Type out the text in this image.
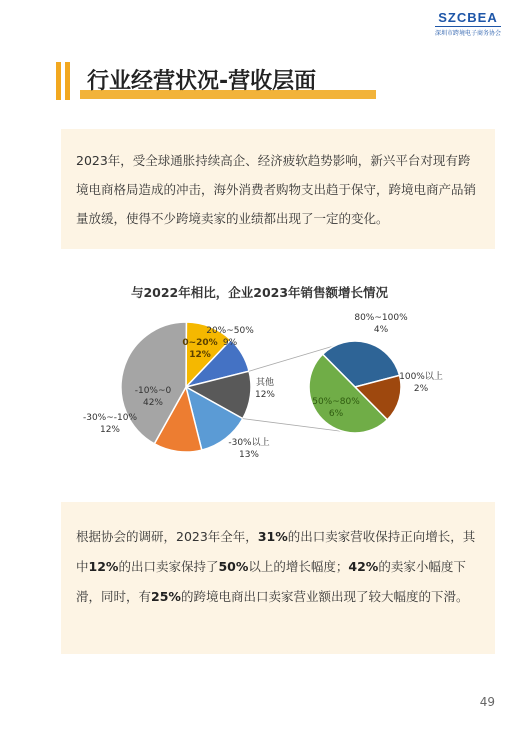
SZCBEA
深圳市跨境电子商务协会
行业经营状况-营收层面

2023年，受全球通胀持续高企、经济疲软趋势影响，新兴平台对现有跨境电商格局造成的冲击，海外消费者购物支出趋于保守，跨境电商产品销量放缓，使得不少跨境卖家的业绩都出现了一定的变化。

与2022年相比，企业2023年销售额增长情况
0~20%
12%
20%~50%
9%
其他
12%
-30%以上
13%
-30%~-10%
12%
-10%~0
42%
80%~100%
4%
100%以上
2%
50%~80%
6%

根据协会的调研，2023年全年，31%的出口卖家营收保持正向增长，其中12%的出口卖家保持了50%以上的增长幅度；42%的卖家小幅度下滑，同时，有25%的跨境电商出口卖家营业额出现了较大幅度的下滑。

49
